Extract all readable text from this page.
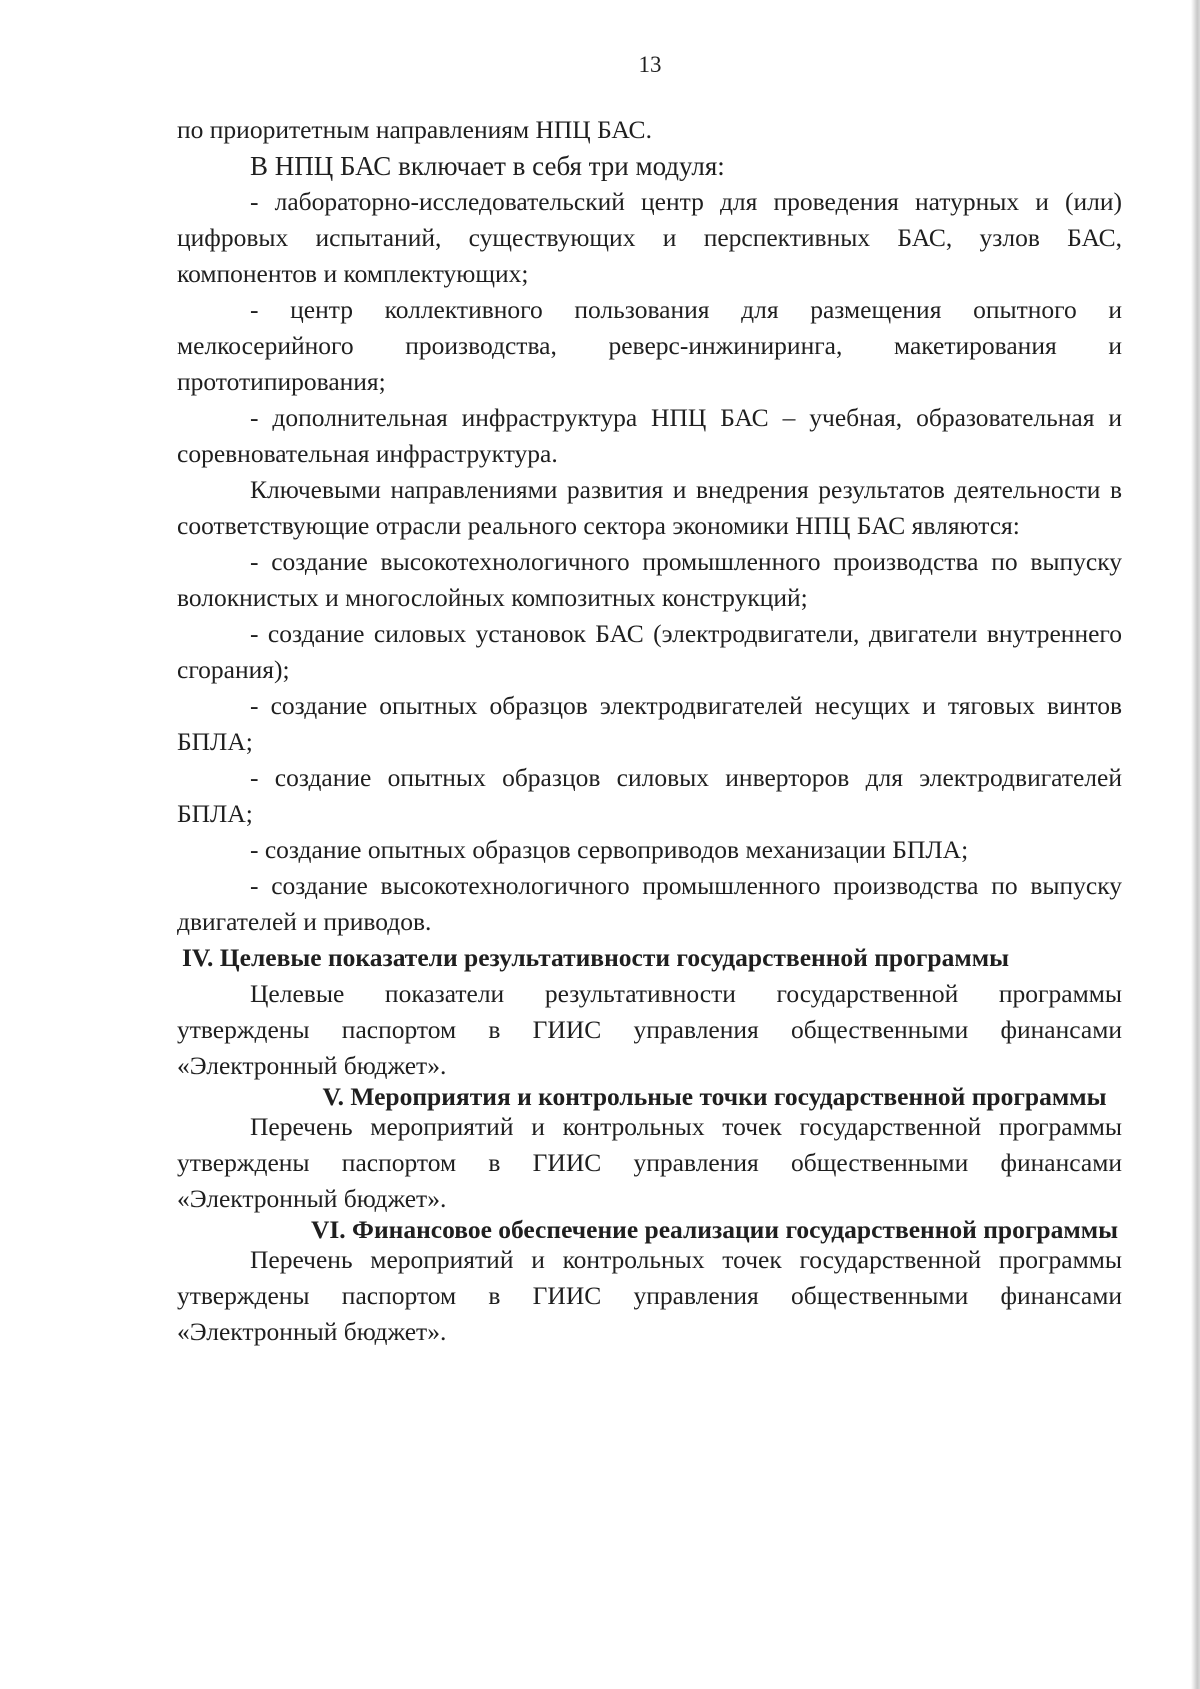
13

по приоритетным направлениям НПЦ БАС.

В НПЦ БАС включает в себя три модуля:

- лабораторно-исследовательский центр для проведения натурных и (или) цифровых испытаний, существующих и перспективных БАС, узлов БАС, компонентов и комплектующих;

- центр коллективного пользования для размещения опытного и мелкосерийного производства, реверс-инжиниринга, макетирования и прототипирования;

- дополнительная инфраструктура НПЦ БАС – учебная, образовательная и соревновательная инфраструктура.

Ключевыми направлениями развития и внедрения результатов деятельности в соответствующие отрасли реального сектора экономики НПЦ БАС являются:

- создание высокотехнологичного промышленного производства по выпуску волокнистых и многослойных композитных конструкций;

- создание силовых установок БАС (электродвигатели, двигатели внутреннего сгорания);

- создание опытных образцов электродвигателей несущих и тяговых винтов БПЛА;

- создание опытных образцов силовых инверторов для электродвигателей БПЛА;

- создание опытных образцов сервоприводов механизации БПЛА;

- создание высокотехнологичного промышленного производства по выпуску двигателей и приводов.

IV. Целевые показатели результативности государственной программы

Целевые показатели результативности государственной программы утверждены паспортом в ГИИС управления общественными финансами «Электронный бюджет».

V. Мероприятия и контрольные точки государственной программы

Перечень мероприятий и контрольных точек государственной программы утверждены паспортом в ГИИС управления общественными финансами «Электронный бюджет».

VI. Финансовое обеспечение реализации государственной программы

Перечень мероприятий и контрольных точек государственной программы утверждены паспортом в ГИИС управления общественными финансами «Электронный бюджет».
